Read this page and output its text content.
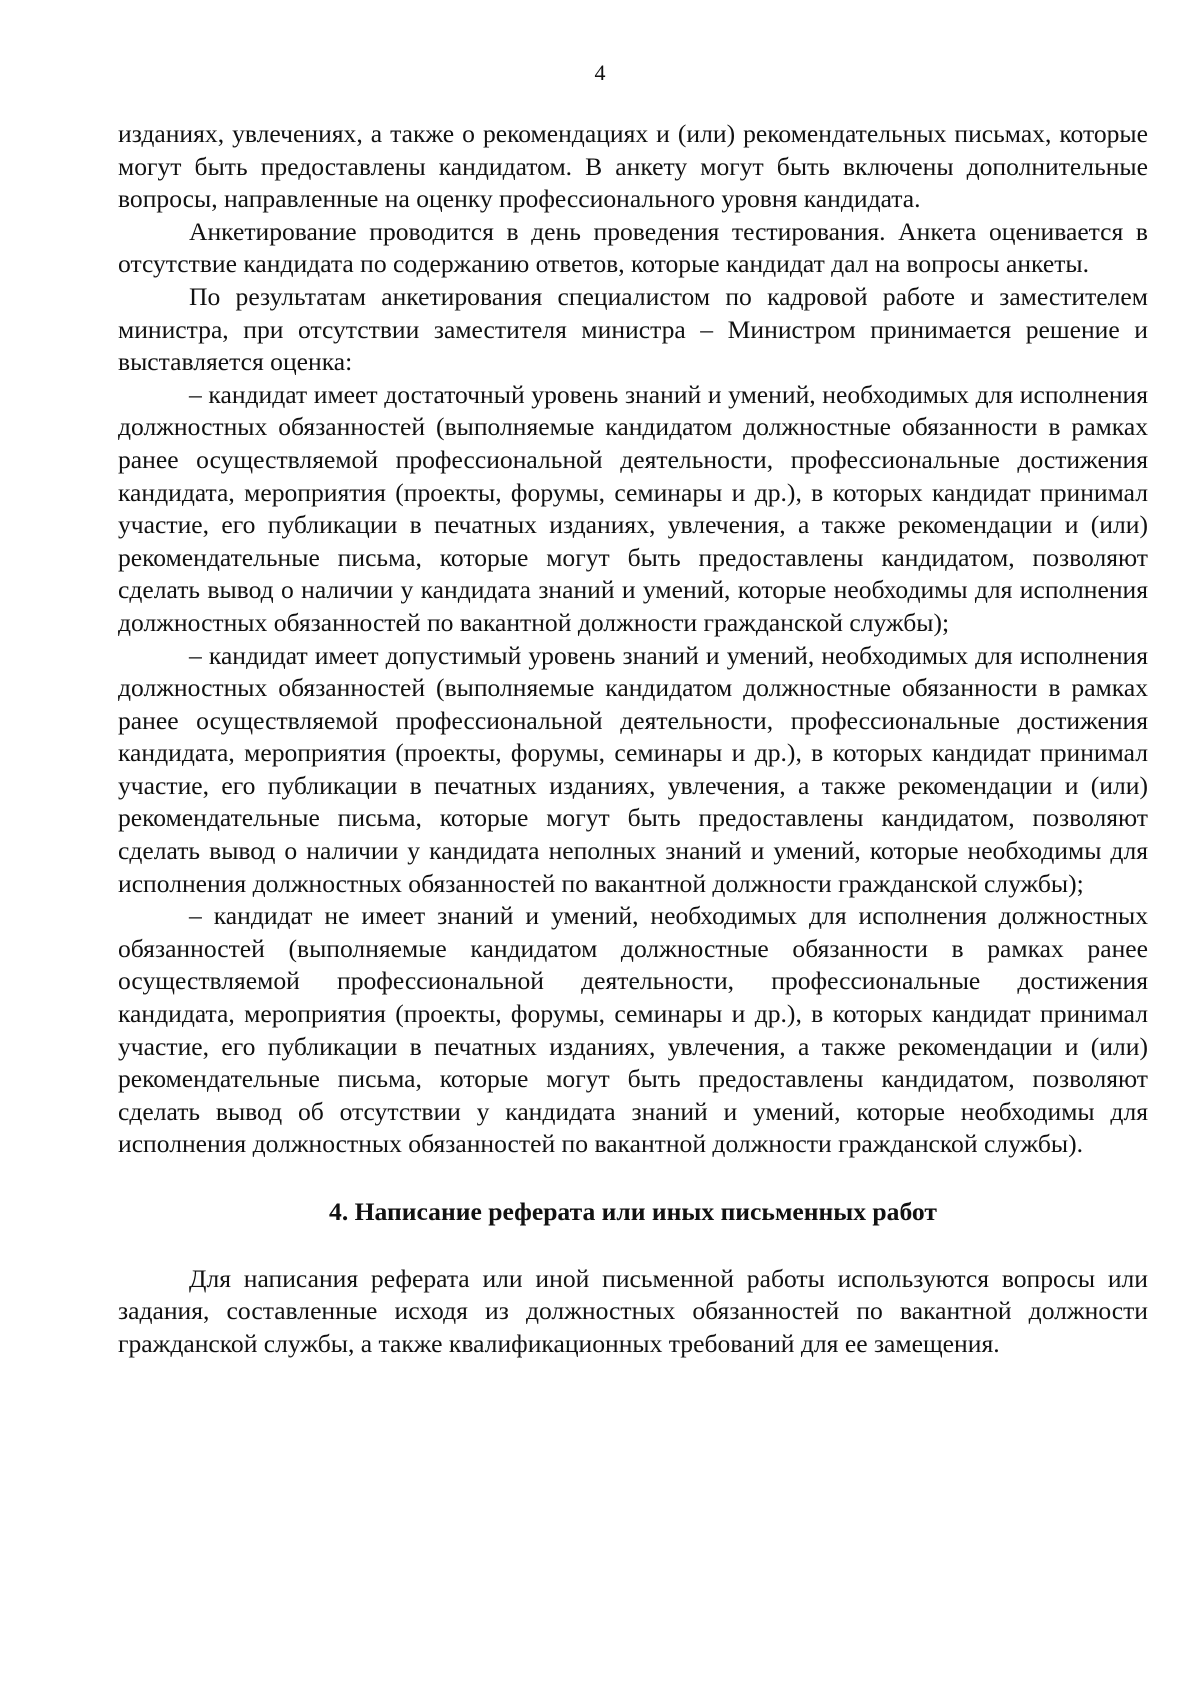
4

изданиях, увлечениях, а также о рекомендациях и (или) рекомендательных письмах, которые могут быть предоставлены кандидатом. В анкету могут быть включены дополнительные вопросы, направленные на оценку профессионального уровня кандидата.

Анкетирование проводится в день проведения тестирования. Анкета оценивается в отсутствие кандидата по содержанию ответов, которые кандидат дал на вопросы анкеты.

По результатам анкетирования специалистом по кадровой работе и заместителем министра, при отсутствии заместителя министра – Министром принимается решение и выставляется оценка:

– кандидат имеет достаточный уровень знаний и умений, необходимых для исполнения должностных обязанностей (выполняемые кандидатом должностные обязанности в рамках ранее осуществляемой профессиональной деятельности, профессиональные достижения кандидата, мероприятия (проекты, форумы, семинары и др.), в которых кандидат принимал участие, его публикации в печатных изданиях, увлечения, а также рекомендации и (или) рекомендательные письма, которые могут быть предоставлены кандидатом, позволяют сделать вывод о наличии у кандидата знаний и умений, которые необходимы для исполнения должностных обязанностей по вакантной должности гражданской службы);

– кандидат имеет допустимый уровень знаний и умений, необходимых для исполнения должностных обязанностей (выполняемые кандидатом должностные обязанности в рамках ранее осуществляемой профессиональной деятельности, профессиональные достижения кандидата, мероприятия (проекты, форумы, семинары и др.), в которых кандидат принимал участие, его публикации в печатных изданиях, увлечения, а также рекомендации и (или) рекомендательные письма, которые могут быть предоставлены кандидатом, позволяют сделать вывод о наличии у кандидата неполных знаний и умений, которые необходимы для исполнения должностных обязанностей по вакантной должности гражданской службы);

– кандидат не имеет знаний и умений, необходимых для исполнения должностных обязанностей (выполняемые кандидатом должностные обязанности в рамках ранее осуществляемой профессиональной деятельности, профессиональные достижения кандидата, мероприятия (проекты, форумы, семинары и др.), в которых кандидат принимал участие, его публикации в печатных изданиях, увлечения, а также рекомендации и (или) рекомендательные письма, которые могут быть предоставлены кандидатом, позволяют сделать вывод об отсутствии у кандидата знаний и умений, которые необходимы для исполнения должностных обязанностей по вакантной должности гражданской службы).

4. Написание реферата или иных письменных работ

Для написания реферата или иной письменной работы используются вопросы или задания, составленные исходя из должностных обязанностей по вакантной должности гражданской службы, а также квалификационных требований для ее замещения.
